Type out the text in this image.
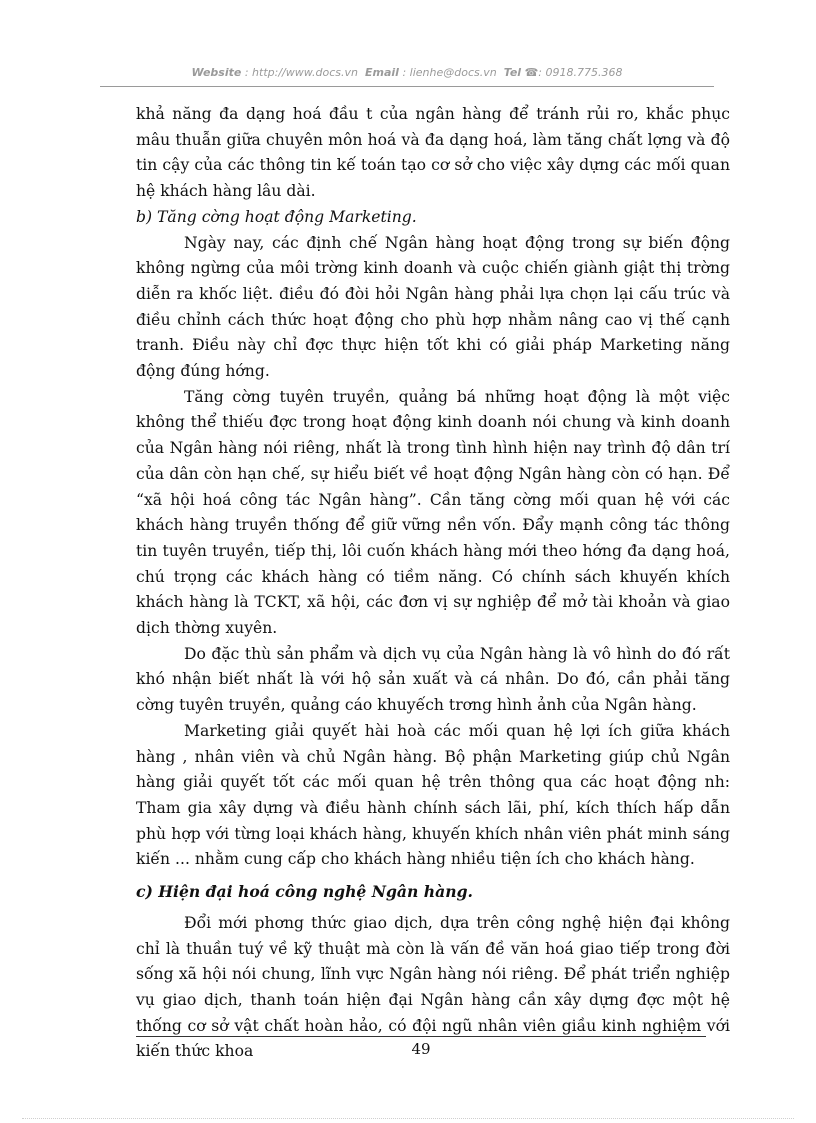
Website : http://www.docs.vn Email : lienhe@docs.vn Tel ☎: 0918.775.368

khả năng đa dạng hoá đầu t của ngân hàng để tránh rủi ro, khắc phục mâu thuẫn giữa chuyên môn hoá và đa dạng hoá, làm tăng chất lợng và độ tin cậy của các thông tin kế toán tạo cơ sở cho việc xây dựng các mối quan hệ khách hàng lâu dài.

b) Tăng cờng hoạt động Marketing.

Ngày nay, các định chế Ngân hàng hoạt động trong sự biến động không ngừng của môi trờng kinh doanh và cuộc chiến giành giật thị trờng diễn ra khốc liệt. điều đó đòi hỏi Ngân hàng phải lựa chọn lại cấu trúc và điều chỉnh cách thức hoạt động cho phù hợp nhằm nâng cao vị thế cạnh tranh. Điều này chỉ đợc thực hiện tốt khi có giải pháp Marketing năng động đúng hớng.

Tăng cờng tuyên truyền, quảng bá những hoạt động là một việc không thể thiếu đợc trong hoạt động kinh doanh nói chung và kinh doanh của Ngân hàng nói riêng, nhất là trong tình hình hiện nay trình độ dân trí của dân còn hạn chế, sự hiểu biết về hoạt động Ngân hàng còn có hạn. Để “xã hội hoá công tác Ngân hàng”. Cần tăng cờng mối quan hệ với các khách hàng truyền thống để giữ vững nền vốn. Đẩy mạnh công tác thông tin tuyên truyền, tiếp thị, lôi cuốn khách hàng mới theo hớng đa dạng hoá, chú trọng các khách hàng có tiềm năng. Có chính sách khuyến khích khách hàng là TCKT, xã hội, các đơn vị sự nghiệp để mở tài khoản và giao dịch thờng xuyên.

Do đặc thù sản phẩm và dịch vụ của Ngân hàng là vô hình do đó rất khó nhận biết nhất là với hộ sản xuất và cá nhân. Do đó, cần phải tăng cờng tuyên truyền, quảng cáo khuyếch trơng hình ảnh của Ngân hàng.

Marketing giải quyết hài hoà các mối quan hệ lợi ích giữa khách hàng , nhân viên và chủ Ngân hàng. Bộ phận Marketing giúp chủ Ngân hàng giải quyết tốt các mối quan hệ trên thông qua các hoạt động nh: Tham gia xây dựng và điều hành chính sách lãi, phí, kích thích hấp dẫn phù hợp với từng loại khách hàng, khuyến khích nhân viên phát minh sáng kiến ... nhằm cung cấp cho khách hàng nhiều tiện ích cho khách hàng.

c) Hiện đại hoá công nghệ Ngân hàng.

Đổi mới phơng thức giao dịch, dựa trên công nghệ hiện đại không chỉ là thuần tuý về kỹ thuật mà còn là vấn đề văn hoá giao tiếp trong đời sống xã hội nói chung, lĩnh vực Ngân hàng nói riêng. Để phát triển nghiệp vụ giao dịch, thanh toán hiện đại Ngân hàng cần xây dựng đợc một hệ thống cơ sở vật chất hoàn hảo, có đội ngũ nhân viên giầu kinh nghiệm với kiến thức khoa	49
